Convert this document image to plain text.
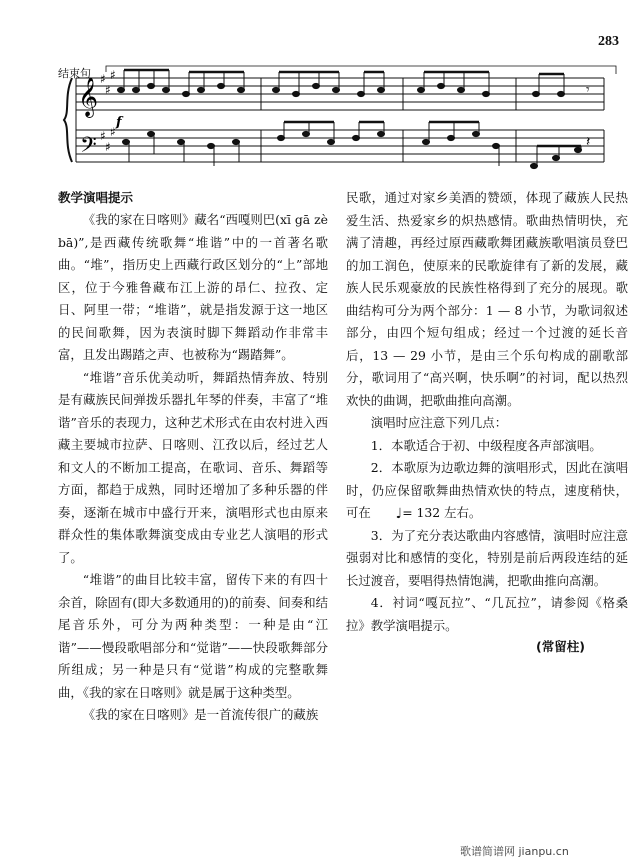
283
𝄞
𝄢
♯
♯
♯
♯
♯
♯
f
𝄽
𝄾
结束句
教学演唱提示

《我的家在日喀则》藏名“西嘎则巴(xī gā zè bā)”,是西藏传统歌舞“堆谐”中的一首著名歌曲。“堆”，指历史上西藏行政区划分的“上”部地区，位于今雅鲁藏布江上游的昂仁、拉孜、定日、阿里一带；“堆谐”，就是指发源于这一地区的民间歌舞，因为表演时脚下舞蹈动作非常丰富，且发出踢踏之声、也被称为“踢踏舞”。

“堆谐”音乐优美动听，舞蹈热情奔放、特别是有藏族民间弹拨乐器扎年琴的伴奏，丰富了“堆谐”音乐的表现力，这种艺术形式在由农村进入西藏主要城市拉萨、日喀则、江孜以后，经过艺人和文人的不断加工提高，在歌词、音乐、舞蹈等方面，都趋于成熟，同时还增加了多种乐器的伴奏，逐渐在城市中盛行开来，演唱形式也由原来群众性的集体歌舞演变成由专业艺人演唱的形式了。

“堆谐”的曲目比较丰富，留传下来的有四十余首，除固有(即大多数通用的)的前奏、间奏和结尾音乐外，可分为两种类型：一种是由“江谐”——慢段歌唱部分和“觉谐”——快段歌舞部分所组成；另一种是只有“觉谐”构成的完整歌舞曲，《我的家在日喀则》就是属于这种类型。

《我的家在日喀则》是一首流传很广的藏族

民歌，通过对家乡美酒的赞颂，体现了藏族人民热爱生活、热爱家乡的炽热感情。歌曲热情明快，充满了清趣，再经过原西藏歌舞团藏族歌唱演员登巴的加工润色，使原来的民歌旋律有了新的发展，藏族人民乐观豪放的民族性格得到了充分的展现。歌曲结构可分为两个部分：1 — 8 小节，为歌词叙述部分，由四个短句组成；经过一个过渡的延长音后，13 — 29 小节，是由三个乐句构成的副歌部分，歌词用了“高兴啊，快乐啊”的衬词，配以热烈欢快的曲调，把歌曲推向高潮。

演唱时应注意下列几点：

1．本歌适合于初、中级程度各声部演唱。

2．本歌原为边歌边舞的演唱形式，因此在演唱时，仍应保留歌舞曲热情欢快的特点，速度稍快，可在 ♩= 132 左右。

3．为了充分表达歌曲内容感情，演唱时应注意强弱对比和感情的变化，特别是前后两段连结的延长过渡音，要唱得热情饱满，把歌曲推向高潮。

4．衬词“嘎瓦拉”、“几瓦拉”，请参阅《格桑拉》教学演唱提示。

(常留柱)
歌谱简谱网 jianpu.cn
